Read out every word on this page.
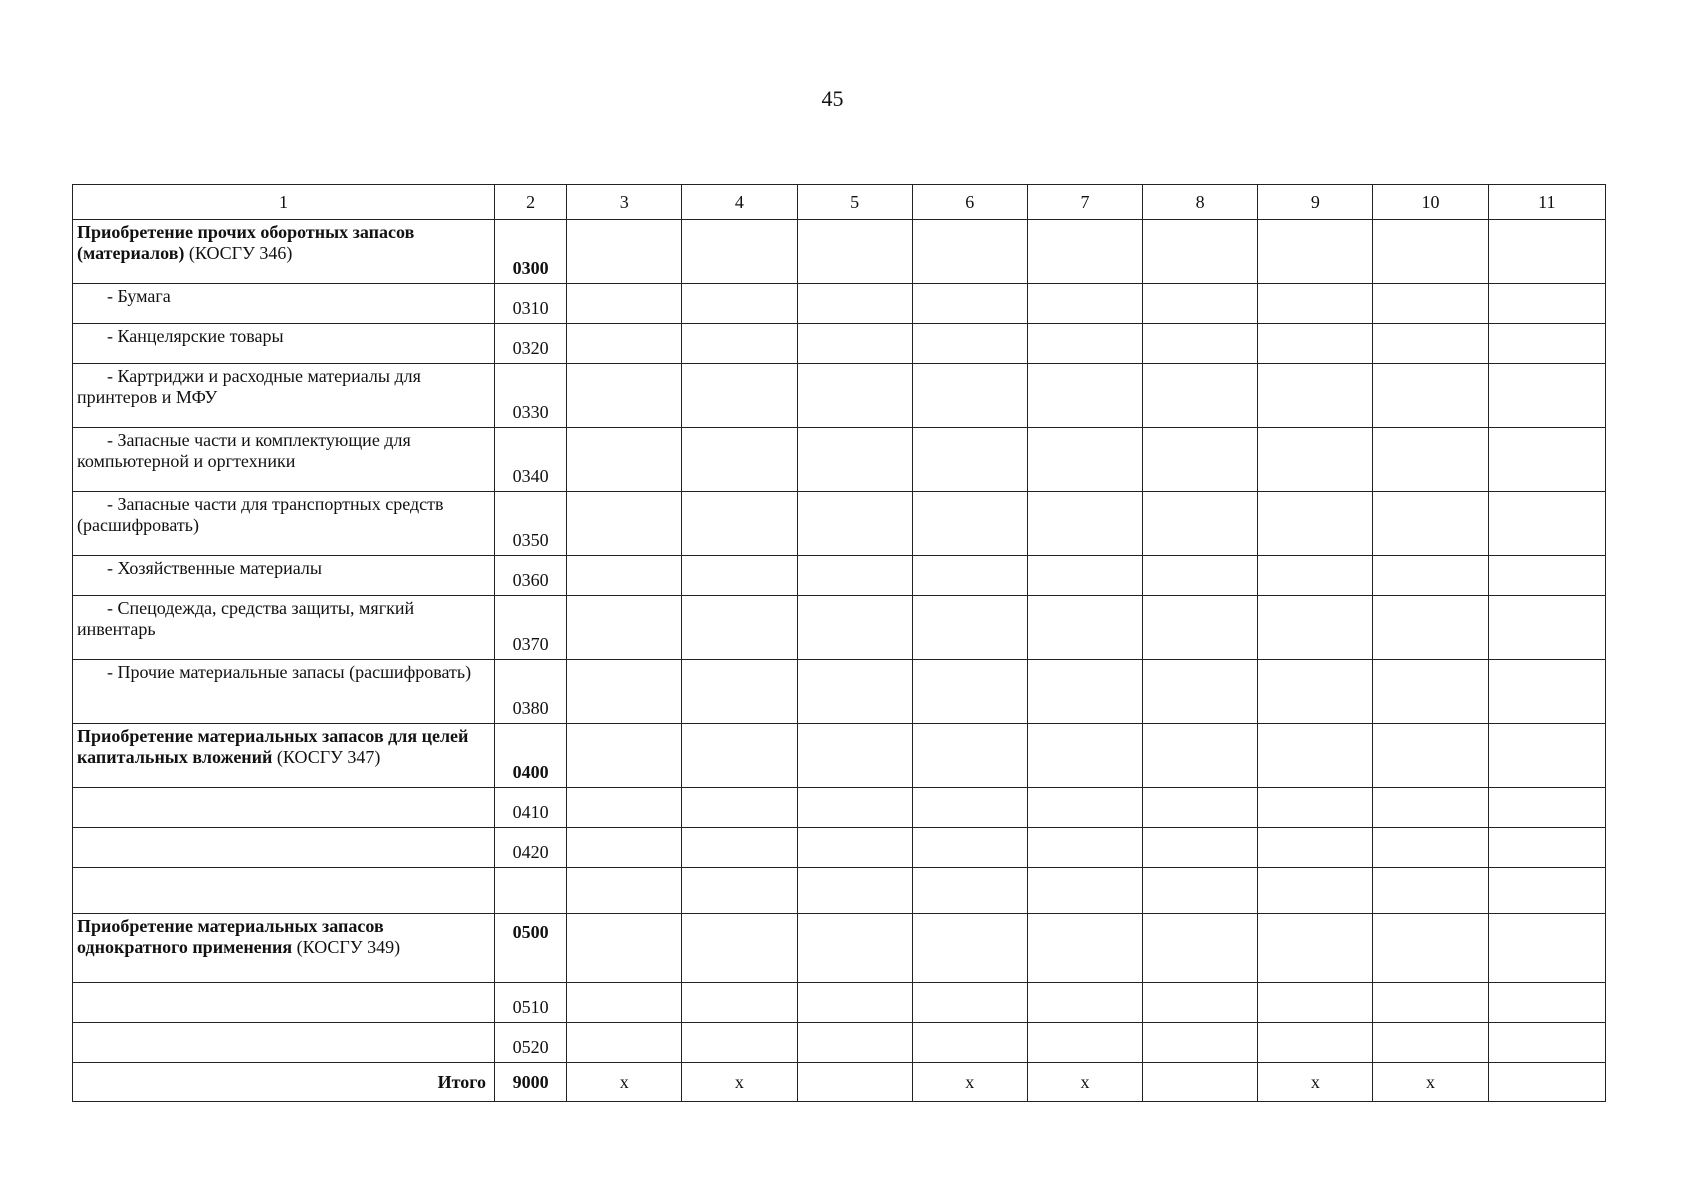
45
1	2	3	4	5	6	7	8	9	10	11
Приобретение прочих оборотных запасов (материалов) (КОСГУ 346)	0300									
- Бумага	0310									
- Канцелярские товары	0320									
- Картриджи и расходные материалы для принтеров и МФУ	0330									
- Запасные части и комплектующие для компьютерной и оргтехники	0340									
- Запасные части для транспортных средств (расшифровать)	0350									
- Хозяйственные материалы	0360									
- Спецодежда, средства защиты, мягкий инвентарь	0370									
- Прочие материальные запасы (расшифровать)	0380									
Приобретение материальных запасов для целей капитальных вложений (КОСГУ 347)	0400									
	0410									
	0420									

Приобретение материальных запасов однократного применения (КОСГУ 349)	0500									
	0510									
	0520									
Итого	9000	x	x		x	x		x	x	
